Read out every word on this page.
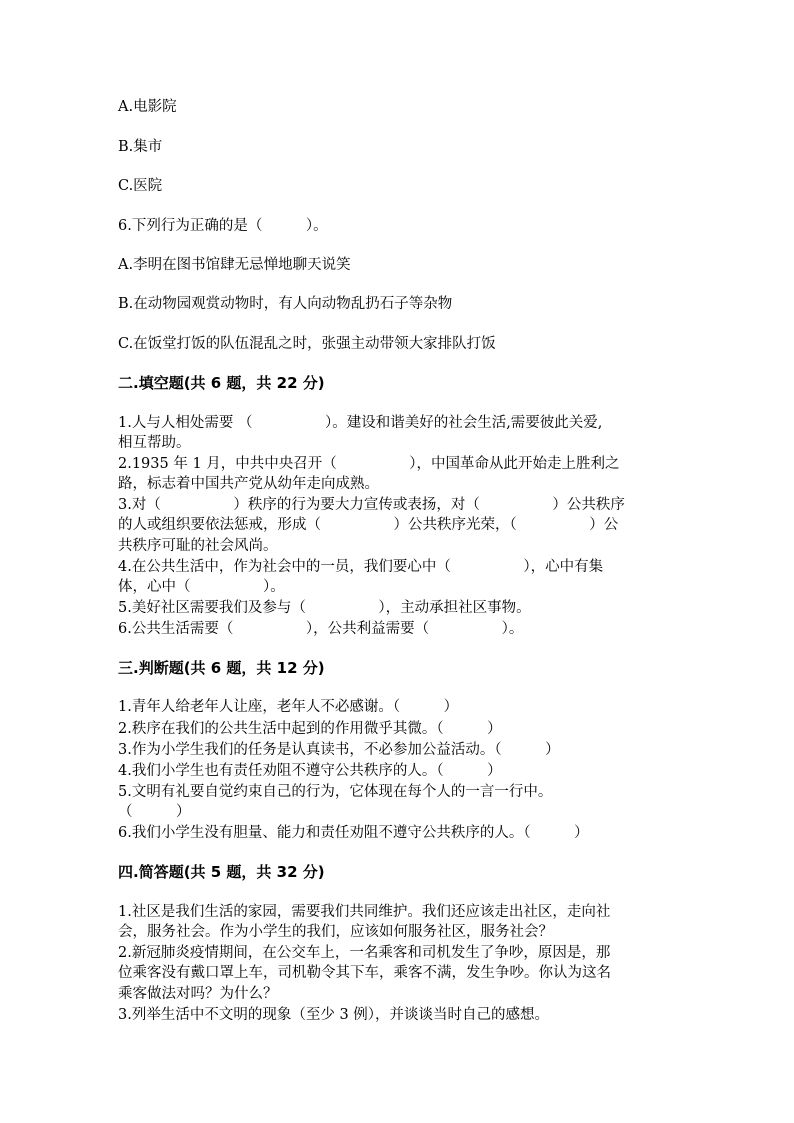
A.电影院
B.集市
C.医院
6.下列行为正确的是（　　　）。
A.李明在图书馆肆无忌惮地聊天说笑
B.在动物园观赏动物时，有人向动物乱扔石子等杂物
C.在饭堂打饭的队伍混乱之时，张强主动带领大家排队打饭
二.填空题(共 6 题，共 22 分)
1.人与人相处需要 （　　　　　）。建设和谐美好的社会生活,需要彼此关爱,
相互帮助。
2.1935 年 1 月，中共中央召开（　　　　　），中国革命从此开始走上胜利之
路，标志着中国共产党从幼年走向成熟。
3.对（　　　　　）秩序的行为要大力宣传或表扬，对（　　　　　）公共秩序
的人或组织要依法惩戒，形成（　　　　　）公共秩序光荣，（　　　　　）公
共秩序可耻的社会风尚。
4.在公共生活中，作为社会中的一员，我们要心中（　　　　　），心中有集
体，心中（　　　　　）。
5.美好社区需要我们及参与（　　　　　），主动承担社区事物。
6.公共生活需要（　　　　　），公共利益需要（　　　　　）。
三.判断题(共 6 题，共 12 分)
1.青年人给老年人让座，老年人不必感谢。（　　　）
2.秩序在我们的公共生活中起到的作用微乎其微。（　　　）
3.作为小学生我们的任务是认真读书，不必参加公益活动。（　　　）
4.我们小学生也有责任劝阻不遵守公共秩序的人。（　　　）
5.文明有礼要自觉约束自己的行为，它体现在每个人的一言一行中。
（　　　）
6.我们小学生没有胆量、能力和责任劝阻不遵守公共秩序的人。（　　　）
四.简答题(共 5 题，共 32 分)
1.社区是我们生活的家园，需要我们共同维护。我们还应该走出社区，走向社
会，服务社会。作为小学生的我们，应该如何服务社区，服务社会？
2.新冠肺炎疫情期间，在公交车上，一名乘客和司机发生了争吵，原因是，那
位乘客没有戴口罩上车，司机勒令其下车，乘客不满，发生争吵。你认为这名
乘客做法对吗？为什么？
3.列举生活中不文明的现象（至少 3 例），并谈谈当时自己的感想。
